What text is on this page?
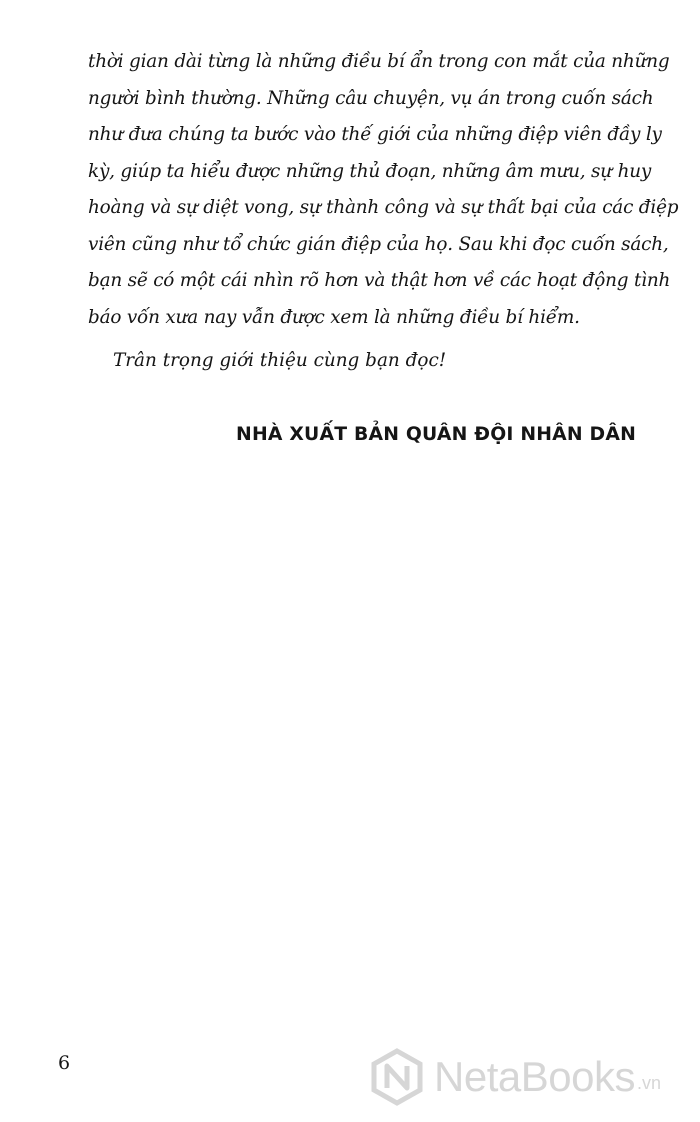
thời gian dài từng là những điều bí ẩn trong con mắt của những
người bình thường. Những câu chuyện, vụ án trong cuốn sách
như đưa chúng ta bước vào thế giới của những điệp viên đầy ly
kỳ, giúp ta hiểu được những thủ đoạn, những âm mưu, sự huy
hoàng và sự diệt vong, sự thành công và sự thất bại của các điệp
viên cũng như tổ chức gián điệp của họ. Sau khi đọc cuốn sách,
bạn sẽ có một cái nhìn rõ hơn và thật hơn về các hoạt động tình
báo vốn xưa nay vẫn được xem là những điều bí hiểm.
Trân trọng giới thiệu cùng bạn đọc!
NHÀ XUẤT BẢN QUÂN ĐỘI NHÂN DÂN
6	NetaBooks .vn
